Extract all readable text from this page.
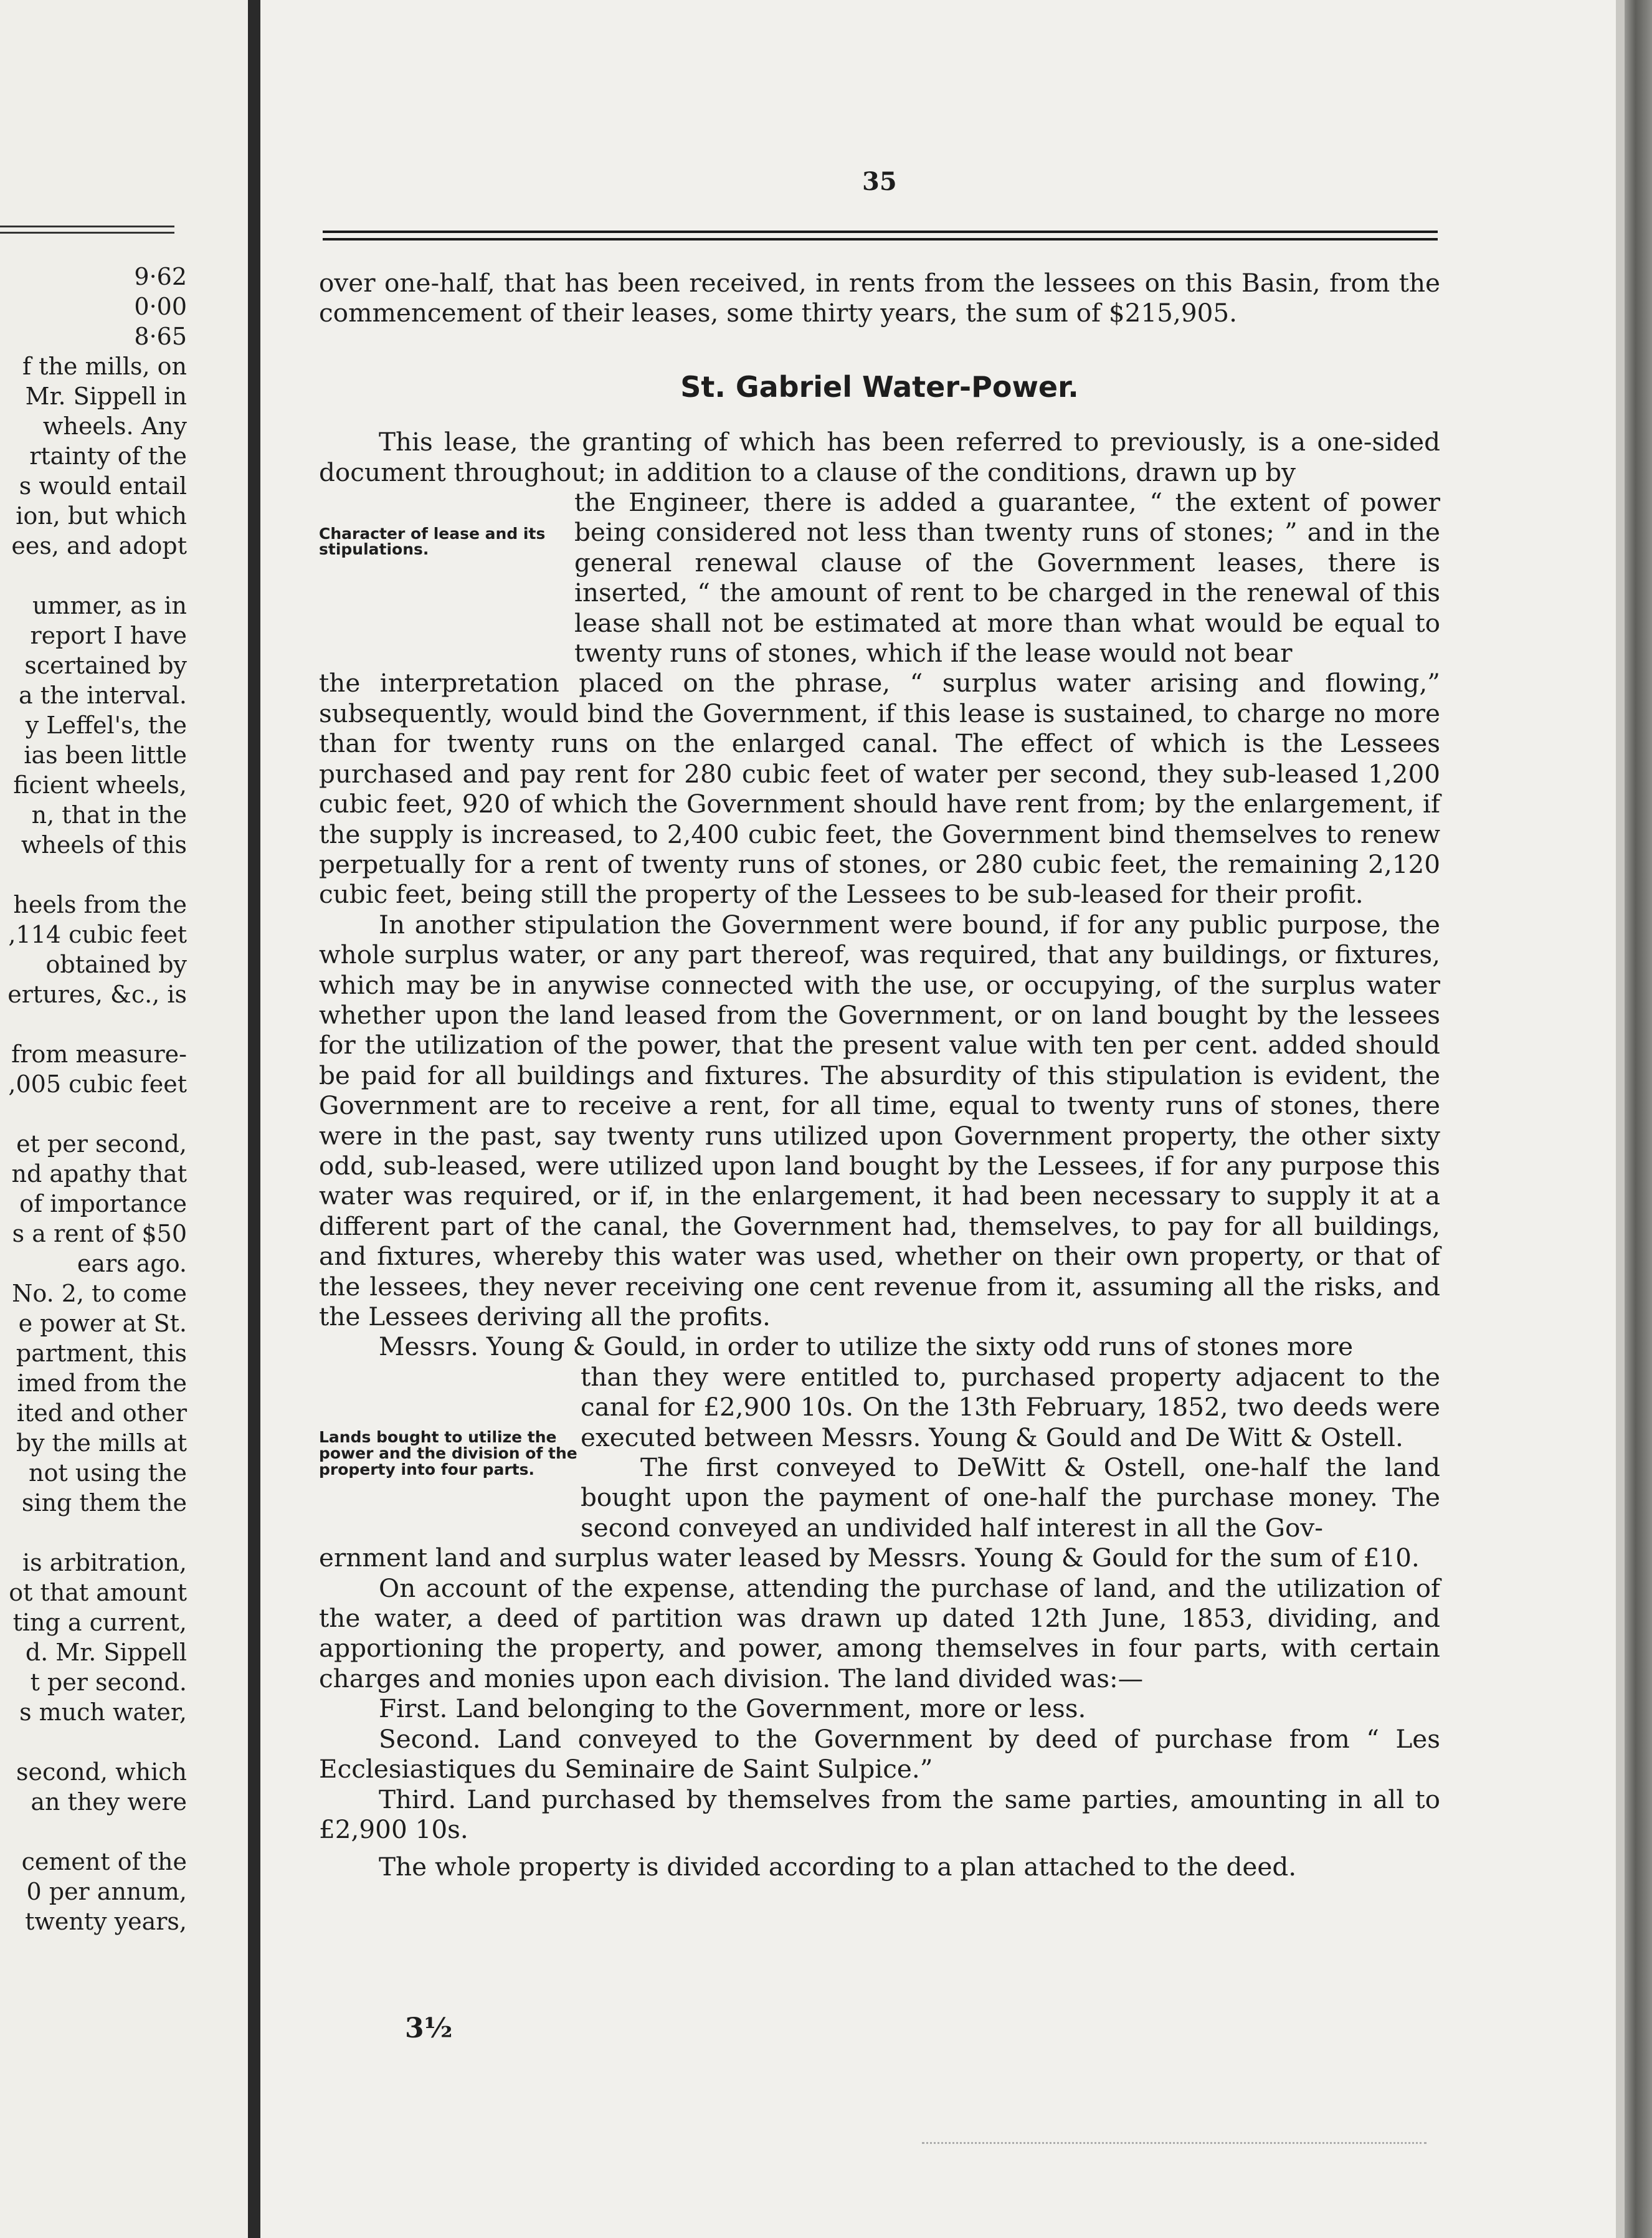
9·62
0·00
8·65
f the mills, on
Mr. Sippell in
wheels. Any
rtainty of the
s would entail
ion, but which
ees, and adopt
ummer, as in
report I have
scertained by
a the interval.
y Leffel's, the
ias been little
ficient wheels,
n, that in the
wheels of this
heels from the
,114 cubic feet
obtained by
ertures, &c., is
from measure-
,005 cubic feet
et per second,
nd apathy that
of importance
s a rent of $50
ears ago.
No. 2, to come
e power at St.
partment, this
imed from the
ited and other
by the mills at
not using the
sing them the
is arbitration,
ot that amount
ting a current,
d. Mr. Sippell
t per second.
s much water,
second, which
an they were
cement of the
0 per annum,
twenty years,
35

over one-half, that has been received, in rents from the lessees on this Basin, from the commencement of their leases, some thirty years, the sum of $215,905.

St. Gabriel Water-Power.

This lease, the granting of which has been referred to previously, is a one-sided document throughout; in addition to a clause of the conditions, drawn up by

Character of lease and its stipulations.

the Engineer, there is added a guarantee, “ the extent of power being considered not less than twenty runs of stones; ” and in the general renewal clause of the Government leases, there is inserted, “ the amount of rent to be charged in the renewal of this lease shall not be estimated at more than what would be equal to twenty runs of stones, which if the lease would not bear

the interpretation placed on the phrase, “ surplus water arising and flowing,” subsequently, would bind the Government, if this lease is sustained, to charge no more than for twenty runs on the enlarged canal. The effect of which is the Lessees purchased and pay rent for 280 cubic feet of water per second, they sub-leased 1,200 cubic feet, 920 of which the Government should have rent from; by the enlargement, if the supply is increased, to 2,400 cubic feet, the Government bind themselves to renew perpetually for a rent of twenty runs of stones, or 280 cubic feet, the remaining 2,120 cubic feet, being still the property of the Lessees to be sub-leased for their profit.

In another stipulation the Government were bound, if for any public purpose, the whole surplus water, or any part thereof, was required, that any buildings, or fixtures, which may be in anywise connected with the use, or occupying, of the surplus water whether upon the land leased from the Government, or on land bought by the lessees for the utilization of the power, that the present value with ten per cent. added should be paid for all buildings and fixtures. The absurdity of this stipulation is evident, the Government are to receive a rent, for all time, equal to twenty runs of stones, there were in the past, say twenty runs utilized upon Government property, the other sixty odd, sub-leased, were utilized upon land bought by the Lessees, if for any purpose this water was required, or if, in the enlargement, it had been necessary to supply it at a different part of the canal, the Government had, themselves, to pay for all buildings, and fixtures, whereby this water was used, whether on their own property, or that of the lessees, they never receiving one cent revenue from it, assuming all the risks, and the Lessees deriving all the profits.

Messrs. Young & Gould, in order to utilize the sixty odd runs of stones more

Lands bought to utilize the power and the division of the property into four parts.

than they were entitled to, purchased property adjacent to the canal for £2,900 10s. On the 13th February, 1852, two deeds were executed between Messrs. Young & Gould and De Witt & Ostell.

The first conveyed to DeWitt & Ostell, one-half the land bought upon the payment of one-half the purchase money. The second conveyed an undivided half interest in all the Gov-

ernment land and surplus water leased by Messrs. Young & Gould for the sum of £10.

On account of the expense, attending the purchase of land, and the utilization of the water, a deed of partition was drawn up dated 12th June, 1853, dividing, and apportioning the property, and power, among themselves in four parts, with certain charges and monies upon each division. The land divided was:—

First. Land belonging to the Government, more or less.

Second. Land conveyed to the Government by deed of purchase from “ Les Ecclesiastiques du Seminaire de Saint Sulpice.”

Third. Land purchased by themselves from the same parties, amounting in all to £2,900 10s.

The whole property is divided according to a plan attached to the deed.

3½
